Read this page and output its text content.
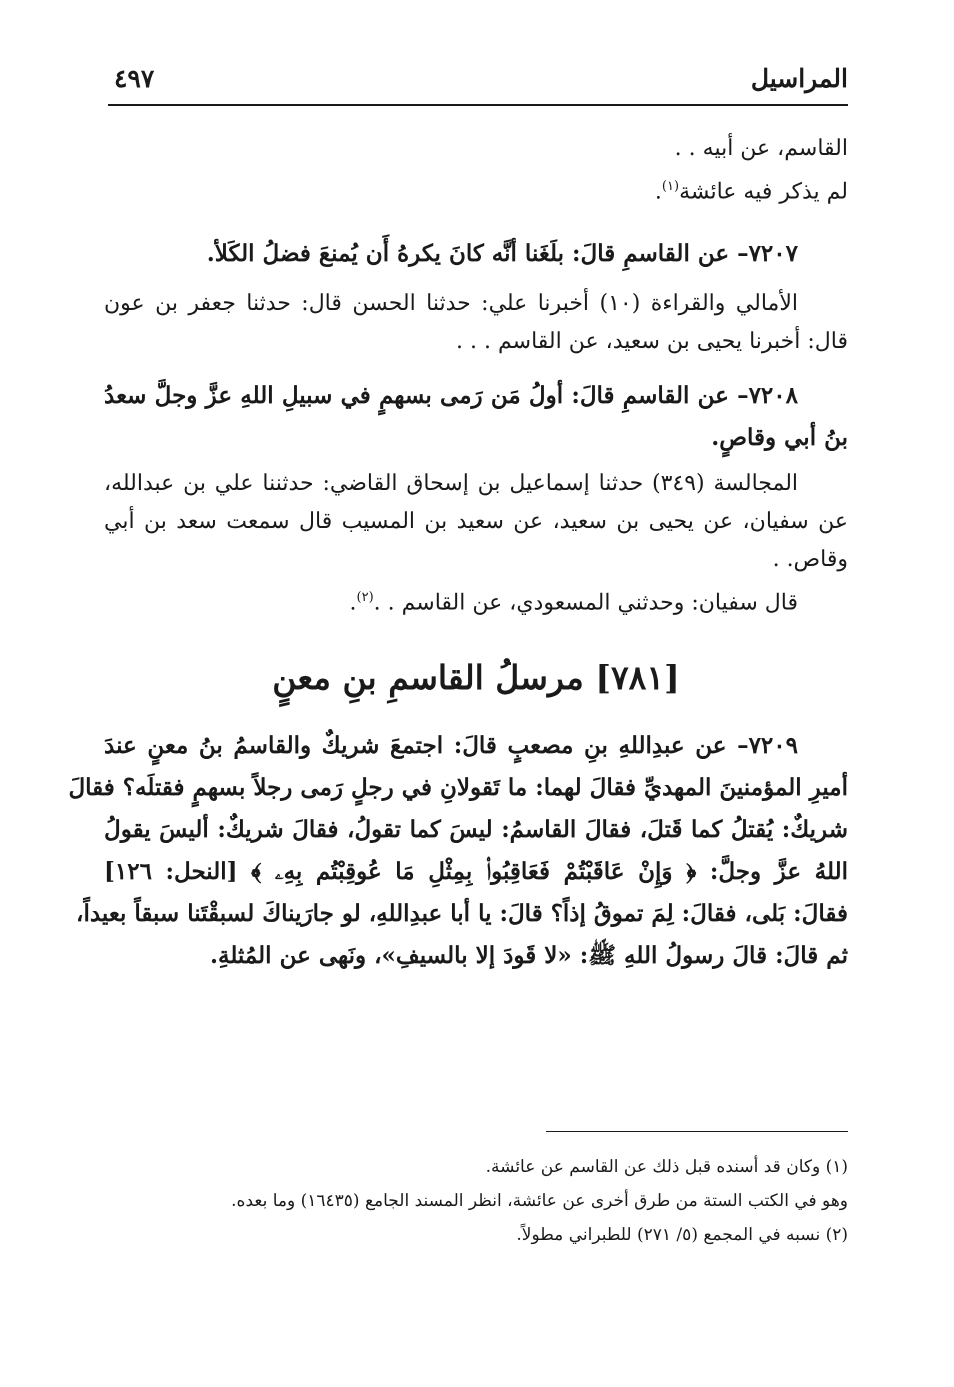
المراسيل
٤٩٧
القاسم، عن أبيه . .
لم يذكر فيه عائشة$^{(١)}$.
٧٢٠٧– عن القاسمِ قالَ: بلَغَنا أنَّه كانَ يكرهُ أَن يُمنعَ فضلُ الكَلأ.
الأمالي والقراءة (١٠) أخبرنا علي: حدثنا الحسن قال: حدثنا جعفر بن عون
قال: أخبرنا يحيى بن سعيد، عن القاسم . . .
٧٢٠٨– عن القاسمِ قالَ: أولُ مَن رَمى بسهمٍ في سبيلِ اللهِ عزَّ وجلَّ سعدُ
بنُ أبي وقاصٍ.
المجالسة (٣٤٩) حدثنا إسماعيل بن إسحاق القاضي: حدثننا علي بن عبدالله،
عن سفيان، عن يحيى بن سعيد، عن سعيد بن المسيب قال سمعت سعد بن أبي
وقاص. .
قال سفيان: وحدثني المسعودي، عن القاسم . .$^{(٢)}$.
[٧٨١] مرسلُ القاسمِ بنِ معنٍ
٧٢٠٩– عن عبدِاللهِ بنِ مصعبٍ قالَ: اجتمعَ شريكٌ والقاسمُ بنُ معنٍ عندَ
أميرِ المؤمنينَ المهديِّ فقالَ لهما: ما تَقولانِ في رجلٍ رَمى رجلاً بسهمٍ فقتلَه؟ فقالَ
شريكٌ: يُقتلُ كما قَتلَ، فقالَ القاسمُ: ليسَ كما تقولُ، فقالَ شريكٌ: أليسَ يقولُ
اللهُ عزَّ وجلَّ: ﴿ وَإِنْ عَاقَبْتُمْ فَعَاقِبُوا۟ بِمِثْلِ مَا عُوقِبْتُم بِهِۦ ﴾ [النحل: ١٢٦]
فقالَ: بَلى، فقالَ: لِمَ تموقُ إذاً؟ قالَ: يا أبا عبدِاللهِ، لو جارَيناكَ لسبقْتَنا سبقاً بعيداً،
ثم قالَ: قالَ رسولُ اللهِ ﷺ: «لا قَودَ إلا بالسيفِ»، ونَهى عن المُثلةِ.
(١) وكان قد أسنده قبل ذلك عن القاسم عن عائشة.
وهو في الكتب الستة من طرق أخرى عن عائشة، انظر المسند الجامع (١٦٤٣٥) وما بعده.
(٢) نسبه في المجمع (٥/ ٢٧١) للطبراني مطولاً.
